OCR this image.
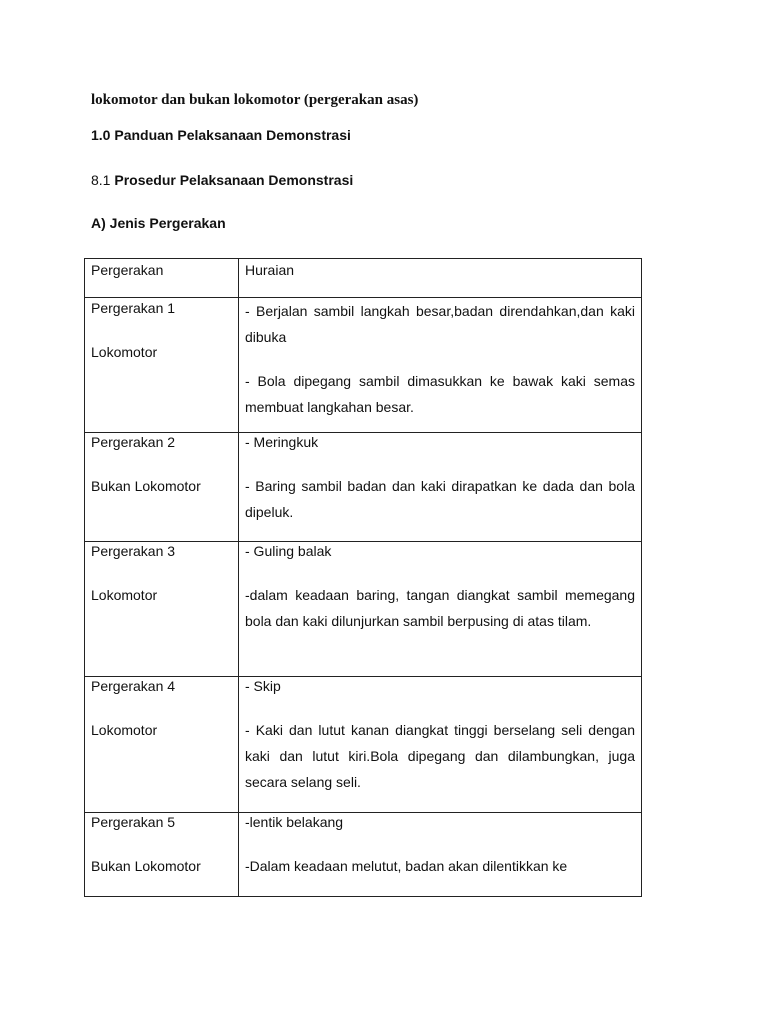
lokomotor dan bukan lokomotor (pergerakan asas)

1.0 Panduan Pelaksanaan Demonstrasi

8.1 Prosedur Pelaksanaan Demonstrasi

A) Jenis Pergerakan

Pergerakan	Huraian

Pergerakan 1
Lokomotor	- Berjalan sambil langkah besar,badan direndahkan,dan kaki dibuka
- Bola dipegang sambil dimasukkan ke bawak kaki semas membuat langkahan besar.

Pergerakan 2
Bukan Lokomotor	- Meringkuk
- Baring sambil badan dan kaki dirapatkan ke dada dan bola dipeluk.

Pergerakan 3
Lokomotor	- Guling balak
-dalam keadaan baring, tangan diangkat sambil memegang bola dan kaki dilunjurkan sambil berpusing di atas tilam.

Pergerakan 4
Lokomotor	- Skip
- Kaki dan lutut kanan diangkat tinggi berselang seli dengan kaki dan lutut kiri.Bola dipegang dan dilambungkan, juga secara selang seli.

Pergerakan 5
Bukan Lokomotor	-lentik belakang
-Dalam keadaan melutut, badan akan dilentikkan ke
